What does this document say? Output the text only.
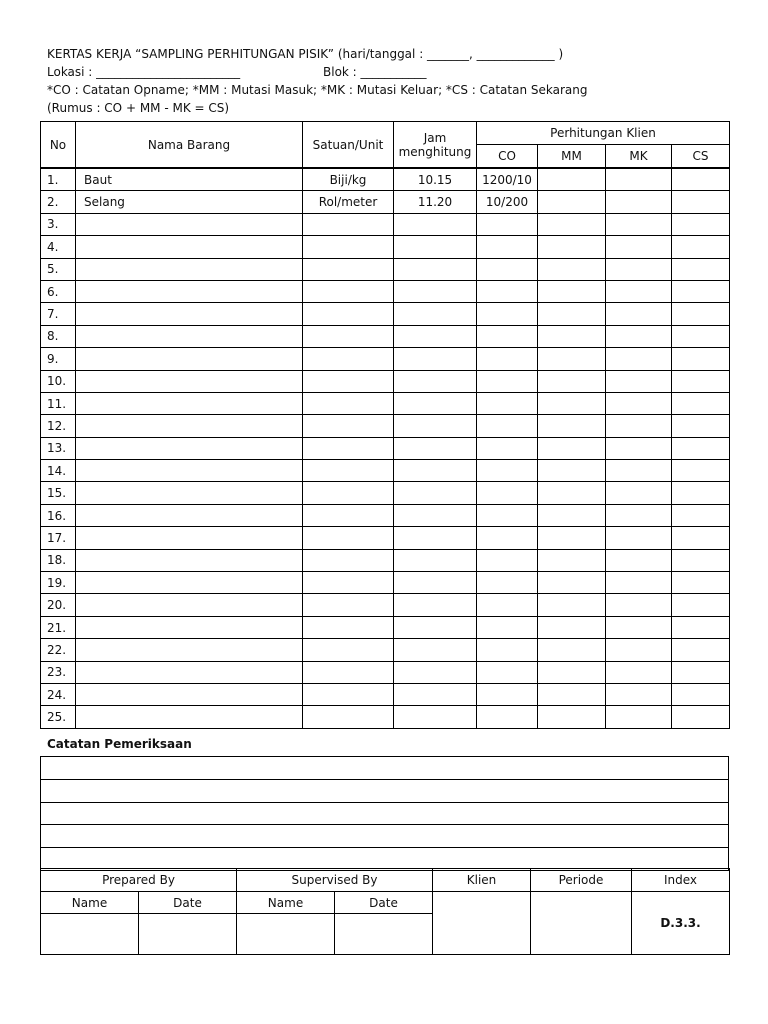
KERTAS KERJA “SAMPLING PERHITUNGAN PISIK” (hari/tanggal : _______, _____________ )
Lokasi : ________________________	Blok : ___________
*CO : Catatan Opname; *MM : Mutasi Masuk; *MK : Mutasi Keluar; *CS : Catatan Sekarang
(Rumus : CO + MM - MK = CS)
No	Nama Barang	Satuan/Unit	Jam menghitung	Perhitungan Klien			
				CO	MM	MK	CS
1.	Baut	Biji/kg	10.15	1200/10			
2.	Selang	Rol/meter	11.20	10/200			
3.							
4.							
5.							
6.							
7.							
8.							
9.							
10.							
11.							
12.							
13.							
14.							
15.							
16.							
17.							
18.							
19.							
20.							
21.							
22.							
23.							
24.							
25.							
Catatan Pemeriksaan

Prepared By		Supervised By		Klien	Periode	Index
Name	Date	Name	Date			D.3.3.
